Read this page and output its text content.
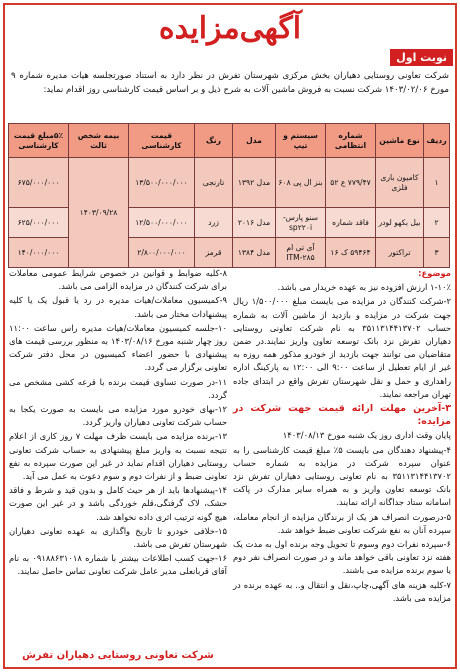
آگهی‌مزایده
نوبت اول
شرکت تعاونی روستایی دهیاران بخش مرکزی شهرستان تفرش در نظر دارد به استناد صورتجلسه هیات مدیره شماره ۹ مورخ ۱۴۰۳/۰۲/۰۶ شرکت نسبت به فروش ماشین آلات به شرح ذیل و بر اساس قیمت کارشناسی روز اقدام نماید:
ردیف	نوع ماشین	شماره انتظامی	سیستم و تیپ	مدل	رنگ	قیمت کارشناسی	بیمه شخص ثالث	۵٪مبلغ قیمت کارشناسی
۱	کامیون باری فلزی	۷۷۹/۴۷ ع ۵۲	بنز ال پی ۶۰۸	مدل ۱۳۹۲	تارنجی	۱۳/۵۰۰/۰۰۰/۰۰۰	۱۴۰۳/۰۹/۲۸	۶۷۵/۰۰۰/۰۰۰
۲	بیل بکهو لودر	فاقد شماره	سنو پارس-sp۲۲۰i	مدل ۲۰۱۶	زرد	۱۲/۵۰۰/۰۰۰/۰۰۰		۶۲۵/۰۰۰/۰۰۰
۳	تراکتور	۵۹۴۶۴ ک ۱۶	آی تی ام ITM-۲۸۵	مدل ۱۳۸۴	قرمز	۲/۸۰۰/۰۰۰/۰۰۰		۱۴۰/۰۰۰/۰۰۰

موضوع:

۱-۱۰٪ ارزش افزوده نیز به عهده خریدار می باشد.

۲-شرکت کنندگان در مزایده می بایست مبلغ ۱/۵۰۰/۰۰۰ ریال جهت شرکت در مزایده و بازدید از ماشین آلات به شماره حساب ۳۵۱۱۳۱۴۴۱۳۷۰۲ به نام شرکت تعاونی روستایی دهیاران تفرش نزد بانک توسعه تعاون واریز نمایند.در ضمن متقاضیان می توانند جهت بازدید از خودرو مذکور همه روزه به غیر از ایام تعطیل از ساعت ۹:۰۰ الی ۱۲:۰۰ به پارکینگ اداره راهداری و حمل و نقل شهرستان تفرش واقع در ابتدای جاده تهران مراجعه نمایند.

۳-آخرین مهلت ارائه قیمت جهت شرکت در مزایده:

پایان وقت اداری روز یک شنبه مورخ ۱۴۰۳/۰۸/۱۳

۴-پیشنهاد دهندگان می بایست ۵٪ مبلغ قیمت کارشناسی را به عنوان سپرده شرکت در مزایده به شماره حساب ۳۵۱۱۳۱۴۴۱۳۷۰۲ به نام تعاونی روستایی دهیاران تفرش نزد بانک توسعه تعاون واریز و به همراه سایر مدارک در پاکت اسامانه ستاد جداگانه ارائه نمایند.

۵-درصورت انصراف هر یک از برندگان مزایده از انجام معامله، سپرده آنان به نفع شرکت تعاونی ضبط خواهد شد.

۶-سپرده نفرات دوم وسوم تا تحویل وجه برنده اول به مدت یک هفته نزد تعاونی باقی خواهد ماند و در صورت انصراف نفر دوم یا سوم برنده مزایده می باشند.

۷-کلیه هزینه های آگهی،چاپ،نقل و انتقال و.. به عهده برنده در مزایده می باشد.

۸-کلیه ضوابط و قوانین در خصوص شرایط عمومی معاملات برای شرکت کنندگان در مزایده الزامی می باشد.

۹-کمیسیون معاملات/هیات مدیره در رد یا قبول یک یا کلیه پیشنهادات مختار می باشد.

۱۰-جلسه کمیسیون معاملات/هیات مدیره راس ساعت ۱۱:۰۰ روز چهار شنبه مورخ ۱۴۰۳/۰۸/۱۶ به منظور بررسی قیمت های پیشنهادی با حضور اعضاء کمیسیون در محل دفتر شرکت تعاونی برگزار می گردد.

۱۱-در صورت تساوی قیمت برنده با قرعه کشی مشخص می گردد.

۱۲-بهای خودرو مورد مزایده می بایست به صورت یکجا به حساب شرکت تعاونی دهیاران واریز گردد.

۱۳-برنده مزایده می بایست ظرف مهلت ۷ روز کاری از اعلام نتیجه نسبت به واریز مبلغ پیشنهادی به حساب شرکت تعاونی روستایی دهیاران اقدام نماید در غیر این صورت سپرده به نفع تعاونی ضبط و از نفرات دوم و سوم دعوت به عمل می آید.

۱۴-پیشنهادها باید از هر حیث کامل و بدون قید و شرط و فاقد حشک، لاک گرفتگی،قلم خوردگی باشد و در غیر این صورت هیچ گونه ترتیب اثری داده نخواهد شد.

۱۵-خلافی خودرو تا تاریخ واگذاری به عهده تعاونی دهیاران شهرستان تفرش می باشد.

۱۶-جهت کسب اطلاعات بیشتر با شماره ۰۹۱۸۸۶۳۱۰۱۸ به نام آقای قربانعلی مدیر عامل شرکت تعاونی تماس حاصل نمایند.

شرکت تعاونی روستایی دهیاران تفرش
